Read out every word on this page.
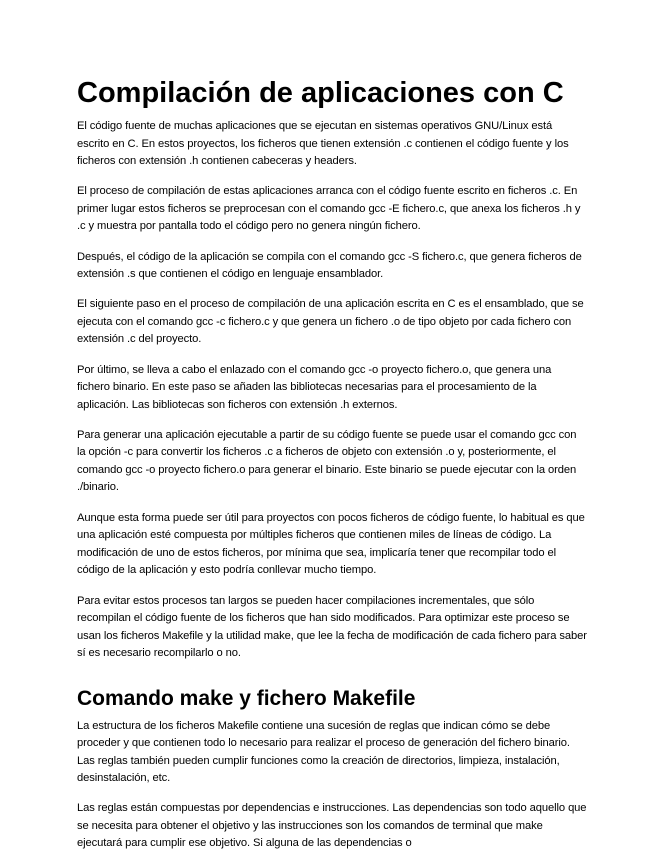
Compilación de aplicaciones con C

El código fuente de muchas aplicaciones que se ejecutan en sistemas operativos GNU/Linux está escrito en C. En estos proyectos, los ficheros que tienen extensión .c contienen el código fuente y los ficheros con extensión .h contienen cabeceras y headers.

El proceso de compilación de estas aplicaciones arranca con el código fuente escrito en ficheros .c. En primer lugar estos ficheros se preprocesan con el comando gcc -E fichero.c, que anexa los ficheros .h y .c y muestra por pantalla todo el código pero no genera ningún fichero.

Después, el código de la aplicación se compila con el comando gcc -S fichero.c, que genera ficheros de extensión .s que contienen el código en lenguaje ensamblador.

El siguiente paso en el proceso de compilación de una aplicación escrita en C es el ensamblado, que se ejecuta con el comando gcc -c fichero.c y que genera un fichero .o de tipo objeto por cada fichero con extensión .c del proyecto.

Por último, se lleva a cabo el enlazado con el comando gcc -o proyecto fichero.o, que genera una fichero binario. En este paso se añaden las bibliotecas necesarias para el procesamiento de la aplicación. Las bibliotecas son ficheros con extensión .h externos.

Para generar una aplicación ejecutable a partir de su código fuente se puede usar el comando gcc con la opción -c para convertir los ficheros .c a ficheros de objeto con extensión .o y, posteriormente, el comando gcc -o proyecto fichero.o para generar el binario. Este binario se puede ejecutar con la orden ./binario.

Aunque esta forma puede ser útil para proyectos con pocos ficheros de código fuente, lo habitual es que una aplicación esté compuesta por múltiples ficheros que contienen miles de líneas de código. La modificación de uno de estos ficheros, por mínima que sea, implicaría tener que recompilar todo el código de la aplicación y esto podría conllevar mucho tiempo.

Para evitar estos procesos tan largos se pueden hacer compilaciones incrementales, que sólo recompilan el código fuente de los ficheros que han sido modificados. Para optimizar este proceso se usan los ficheros Makefile y la utilidad make, que lee la fecha de modificación de cada fichero para saber sí es necesario recompilarlo o no.

Comando make y fichero Makefile

La estructura de los ficheros Makefile contiene una sucesión de reglas que indican cómo se debe proceder y que contienen todo lo necesario para realizar el proceso de generación del fichero binario. Las reglas también pueden cumplir funciones como la creación de directorios, limpieza, instalación, desinstalación, etc.

Las reglas están compuestas por dependencias e instrucciones. Las dependencias son todo aquello que se necesita para obtener el objetivo y las instrucciones son los comandos de terminal que make ejecutará para cumplir ese objetivo. Si alguna de las dependencias o
